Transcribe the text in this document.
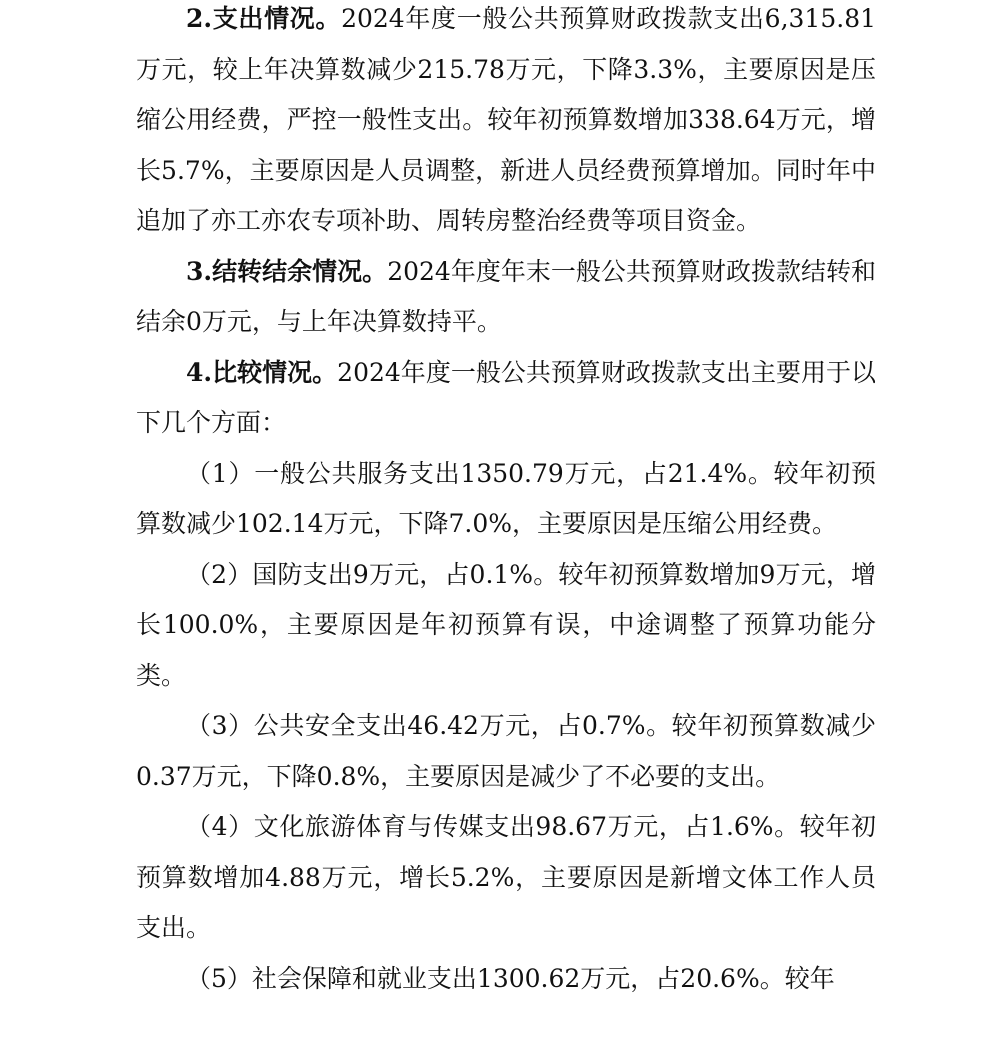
2.支出情况。2024年度一般公共预算财政拨款支出6,315.81万元，较上年决算数减少215.78万元，下降3.3%，主要原因是压缩公用经费，严控一般性支出。较年初预算数增加338.64万元，增长5.7%，主要原因是人员调整，新进人员经费预算增加。同时年中追加了亦工亦农专项补助、周转房整治经费等项目资金。

3.结转结余情况。2024年度年末一般公共预算财政拨款结转和结余0万元，与上年决算数持平。

4.比较情况。2024年度一般公共预算财政拨款支出主要用于以下几个方面：

（1）一般公共服务支出1350.79万元，占21.4%。较年初预算数减少102.14万元，下降7.0%，主要原因是压缩公用经费。

（2）国防支出9万元，占0.1%。较年初预算数增加9万元，增长100.0%，主要原因是年初预算有误，中途调整了预算功能分类。

（3）公共安全支出46.42万元，占0.7%。较年初预算数减少0.37万元，下降0.8%，主要原因是减少了不必要的支出。

（4）文化旅游体育与传媒支出98.67万元，占1.6%。较年初预算数增加4.88万元，增长5.2%，主要原因是新增文体工作人员支出。

（5）社会保障和就业支出1300.62万元，占20.6%。较年
